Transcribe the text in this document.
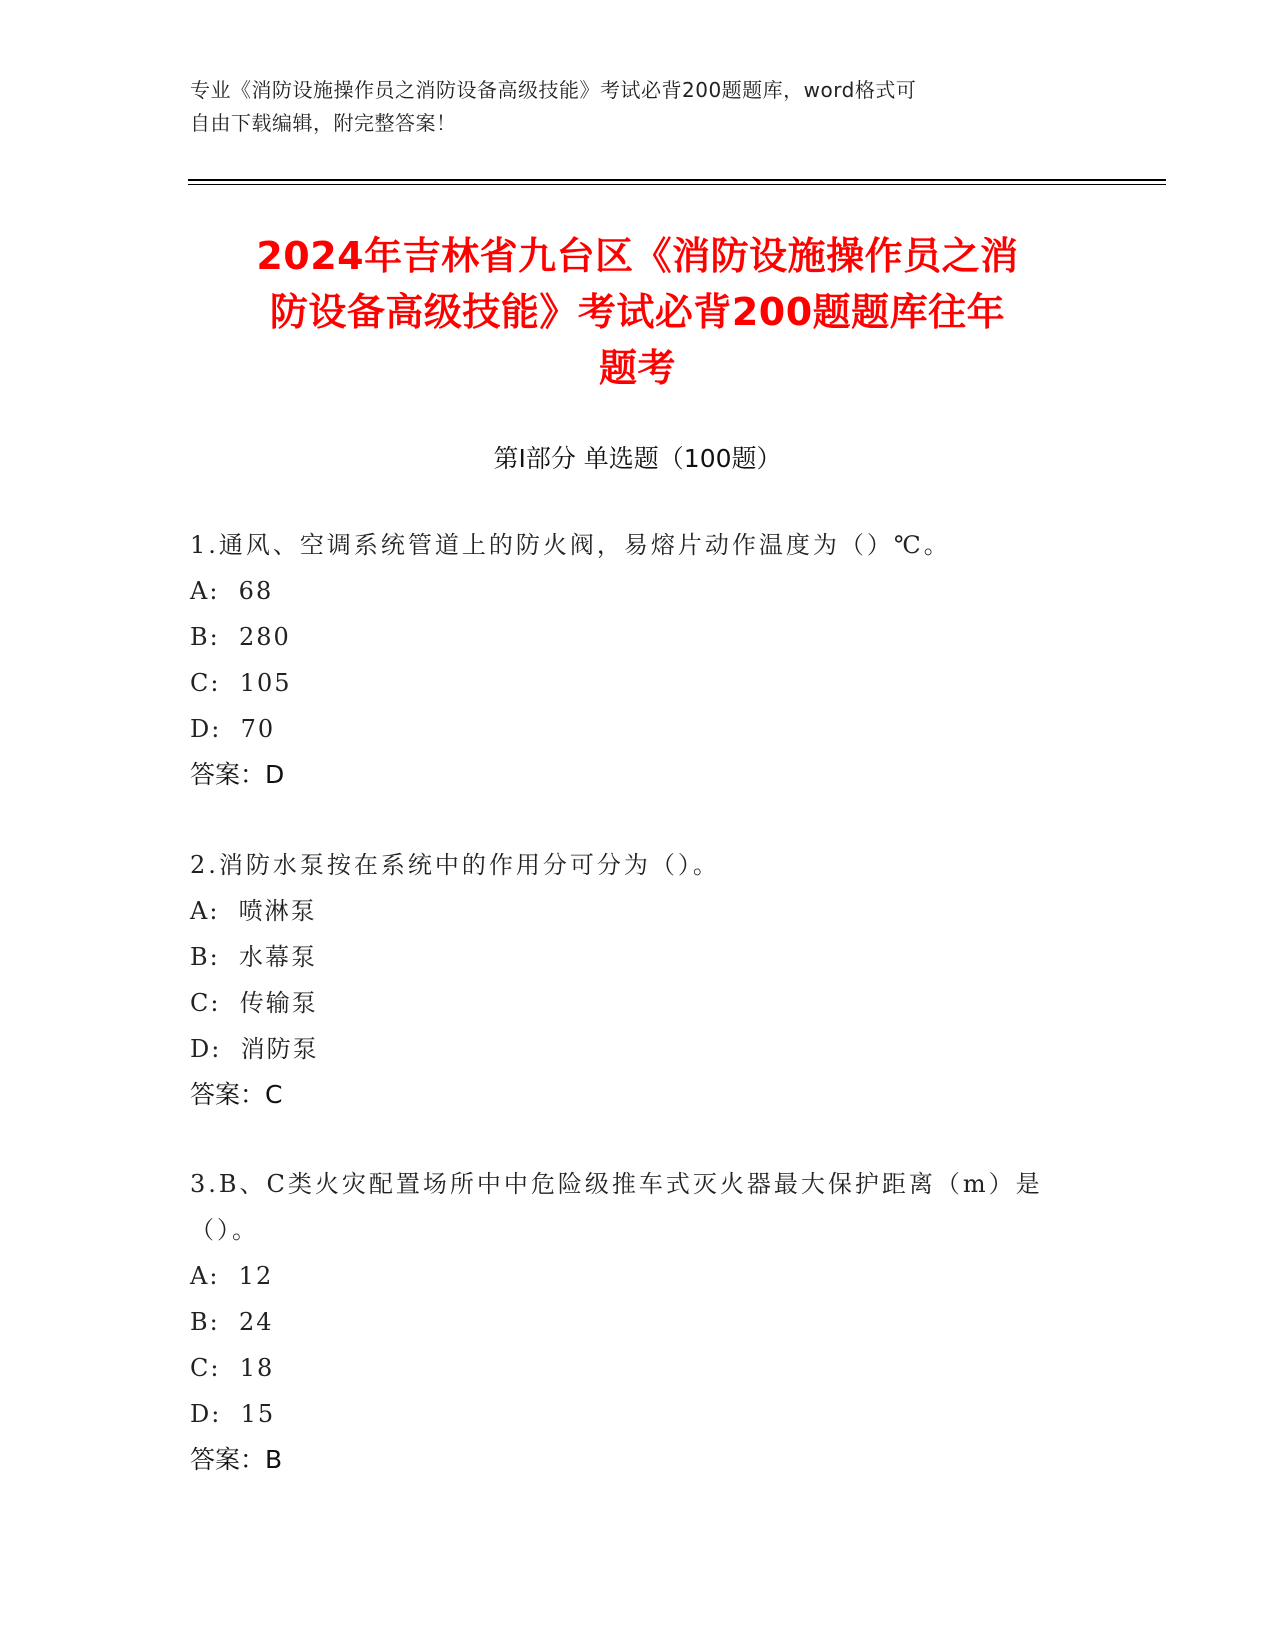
专业《消防设施操作员之消防设备高级技能》考试必背200题题库，word格式可
自由下载编辑，附完整答案！
2024年吉林省九台区《消防设施操作员之消
防设备高级技能》考试必背200题题库往年
题考
第Ⅰ部分 单选题（100题）

1.通风、空调系统管道上的防火阀，易熔片动作温度为（）℃。

A:  68

B:  280

C:  105

D:  70

答案：D

2.消防水泵按在系统中的作用分可分为（）。

A:  喷淋泵

B:  水幕泵

C:  传输泵

D:  消防泵

答案：C

3.B、C类火灾配置场所中中危险级推车式灭火器最大保护距离（m）是

（）。

A:  12

B:  24

C:  18

D:  15

答案：B
